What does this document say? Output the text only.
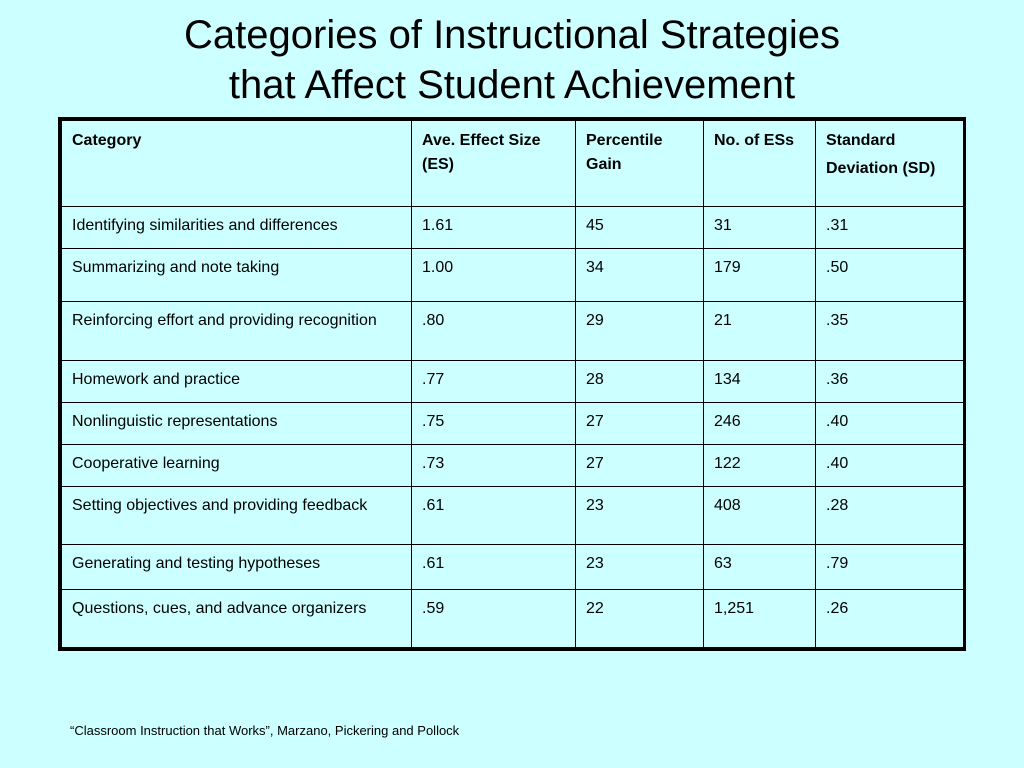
Categories of Instructional Strategies
that Affect Student Achievement
Category	Ave. Effect Size (ES)	Percentile Gain	No. of ESs	Standard
Deviation (SD)

Identifying similarities and differences	1.61	45	31	.31
Summarizing and note taking	1.00	34	179	.50
Reinforcing effort and providing recognition	.80	29	21	.35
Homework and practice	.77	28	134	.36
Nonlinguistic representations	.75	27	246	.40
Cooperative learning	.73	27	122	.40
Setting objectives and providing feedback	.61	23	408	.28
Generating and testing hypotheses	.61	23	63	.79
Questions, cues, and advance organizers	.59	22	1,251	.26
“Classroom Instruction that Works”, Marzano, Pickering and Pollock
